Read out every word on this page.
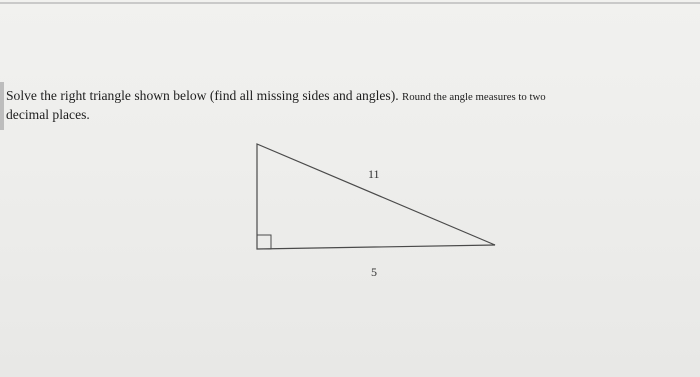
Solve the right triangle shown below (find all missing sides and angles). Round the angle measures to two
decimal places.

11
5
